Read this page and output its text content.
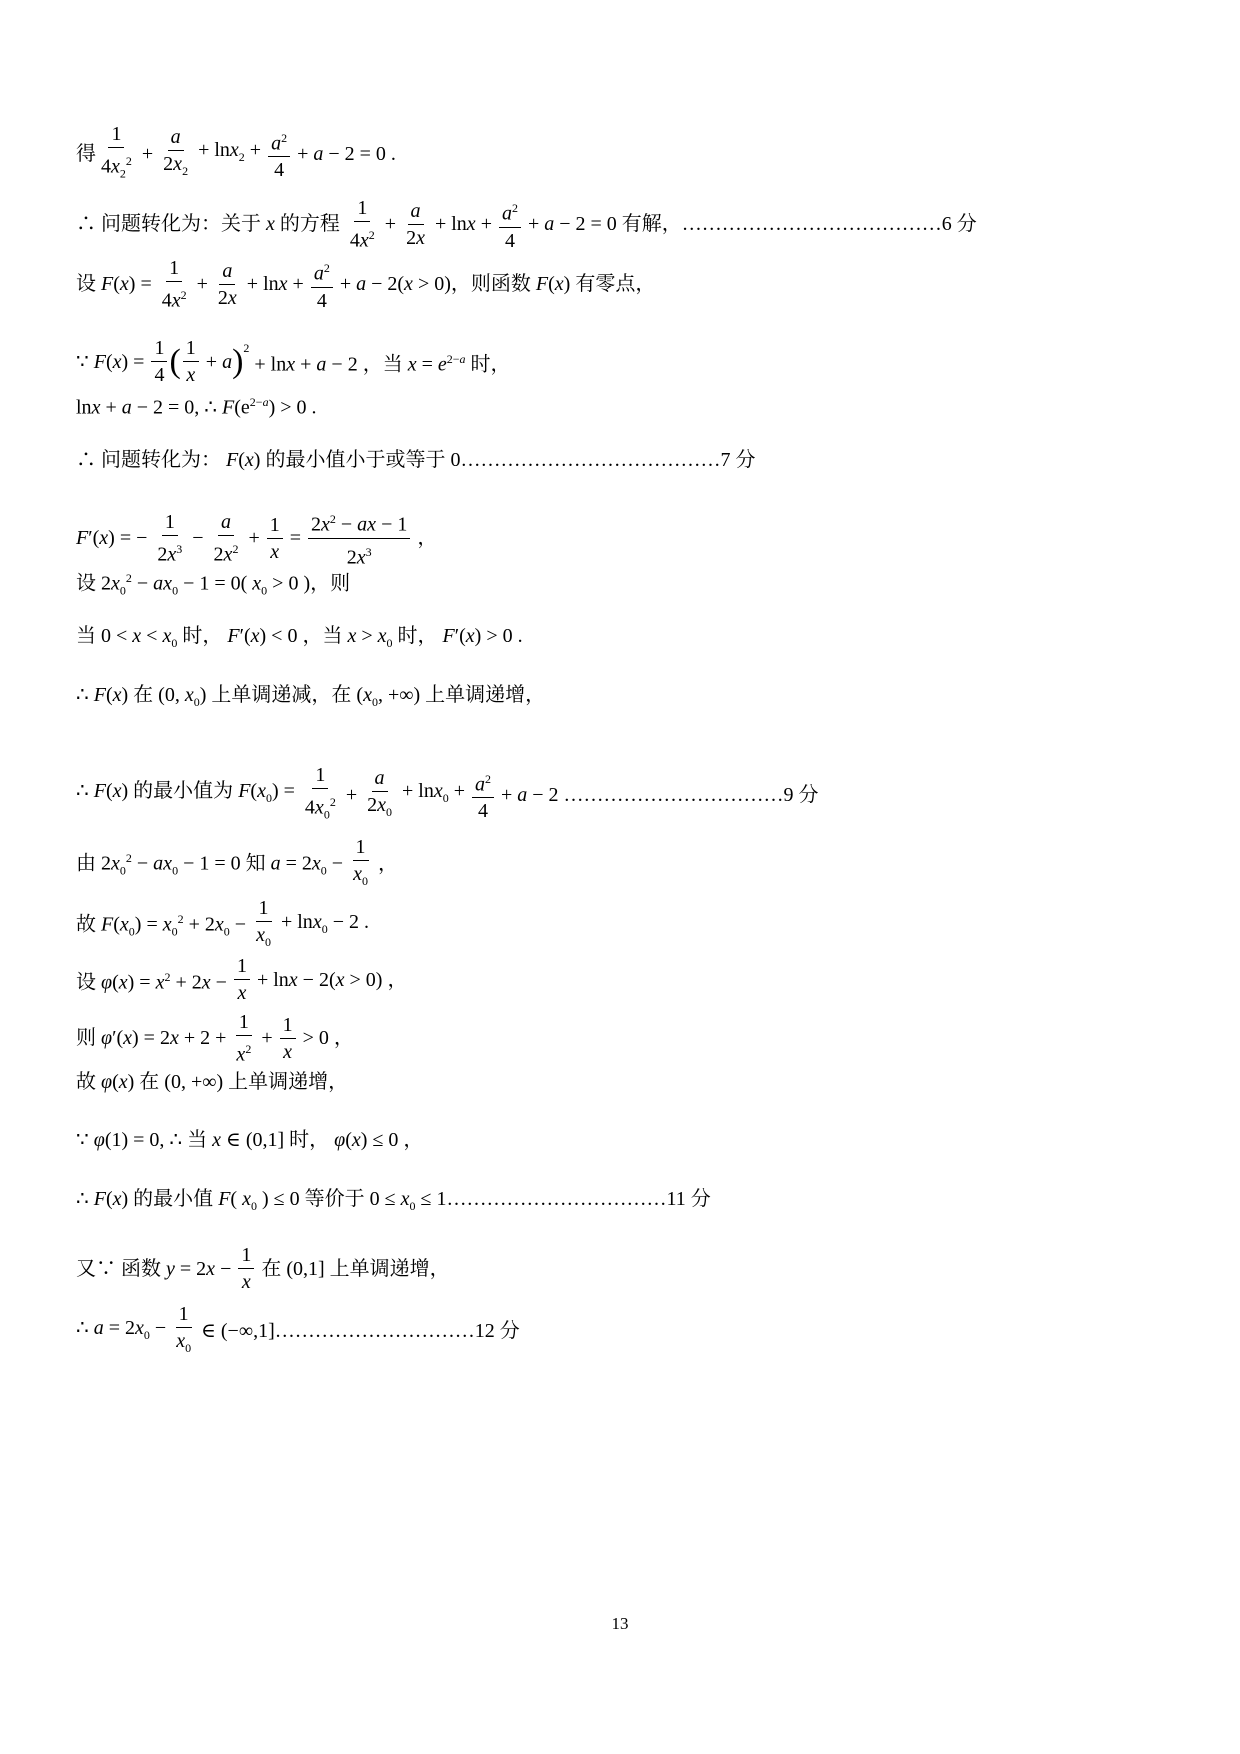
得 $\frac{1}{4x_2^2} + \frac{a}{2x_2} + \ln x_2 + \frac{a^2}{4} + a - 2 = 0$ .
∴ 问题转化为：关于 x 的方程 $\frac{1}{4x^2} + \frac{a}{2x} + \ln x + \frac{a^2}{4} + a - 2 = 0$ 有解，…………………………………6 分
设 $F(x) = \frac{1}{4x^2} + \frac{a}{2x} + \ln x + \frac{a^2}{4} + a - 2(x > 0)$，则函数 F(x) 有零点，
∵ $F(x) = \frac{1}{4}$ ( $\frac{1}{x} + a$ )$^2$
+ lnx + a − 2 ，当 $x = e^{2-a}$ 时，
lnx + a − 2 = 0, ∴ $F(e^{2-a}) > 0$ .
∴ 问题转化为： F(x) 的最小值小于或等于 0…………………………………7 分
F′(x) = − $\frac{1}{2x^3} - \frac{a}{2x^2} + \frac{1}{x} = \frac{2x^2 - ax - 1}{2x^3}$ ，
设 $2x_0^2 - ax_0 - 1 = 0$( $x_0 > 0$ )，则
当 $0 < x < x_0$ 时， F′(x) < 0 ，当 $x > x_0$ 时， F′(x) > 0 .
∴ F(x) 在 (0, $x_0$) 上单调递减，在 ($x_0$, +∞) 上单调递增，
∴ F(x) 的最小值为 $F(x_0) = \frac{1}{4x_0^2} + \frac{a}{2x_0} + \ln x_0 + \frac{a^2}{4} + a - 2$ ……………………………9 分
由 $2x_0^2 - ax_0 - 1 = 0$ 知 $a = 2x_0 - \frac{1}{x_0}$ ，
故 $F(x_0) = x_0^2 + 2x_0 - \frac{1}{x_0} + \ln x_0 - 2$ .
设 $\varphi(x) = x^2 + 2x - \frac{1}{x} + \ln x - 2(x > 0)$ ，
则 $\varphi'(x) = 2x + 2 + \frac{1}{x^2} + \frac{1}{x} > 0$ ，
故 φ(x) 在 (0, +∞) 上单调递增，
∵ φ(1) = 0, ∴ 当 x ∈ (0,1] 时， φ(x) ≤ 0 ，
∴ F(x) 的最小值 F( $x_0$ ) ≤ 0 等价于 $0 \le x_0$ ≤ 1……………………………11 分
又∵ 函数 $y = 2x - \frac{1}{x}$ 在 (0,1] 上单调递增，
∴ $a = 2x_0 - \frac{1}{x_0}$ ∈ (−∞,1]…………………………12 分
13
